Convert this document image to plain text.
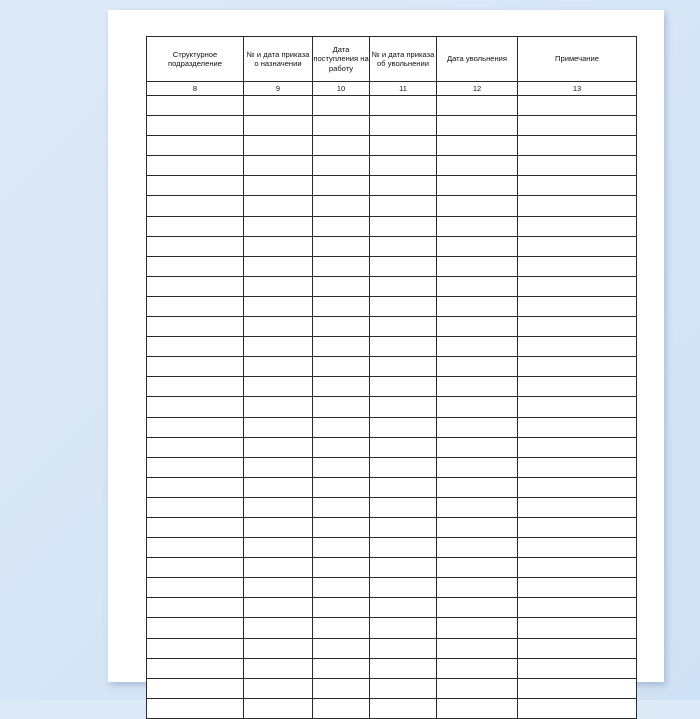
Структурное подразделение	№ и дата приказа о назначении	Дата поступления на работу	№ и дата приказа об увольнении	Дата увольнения	Примечание
8	9	10	11	12	13
